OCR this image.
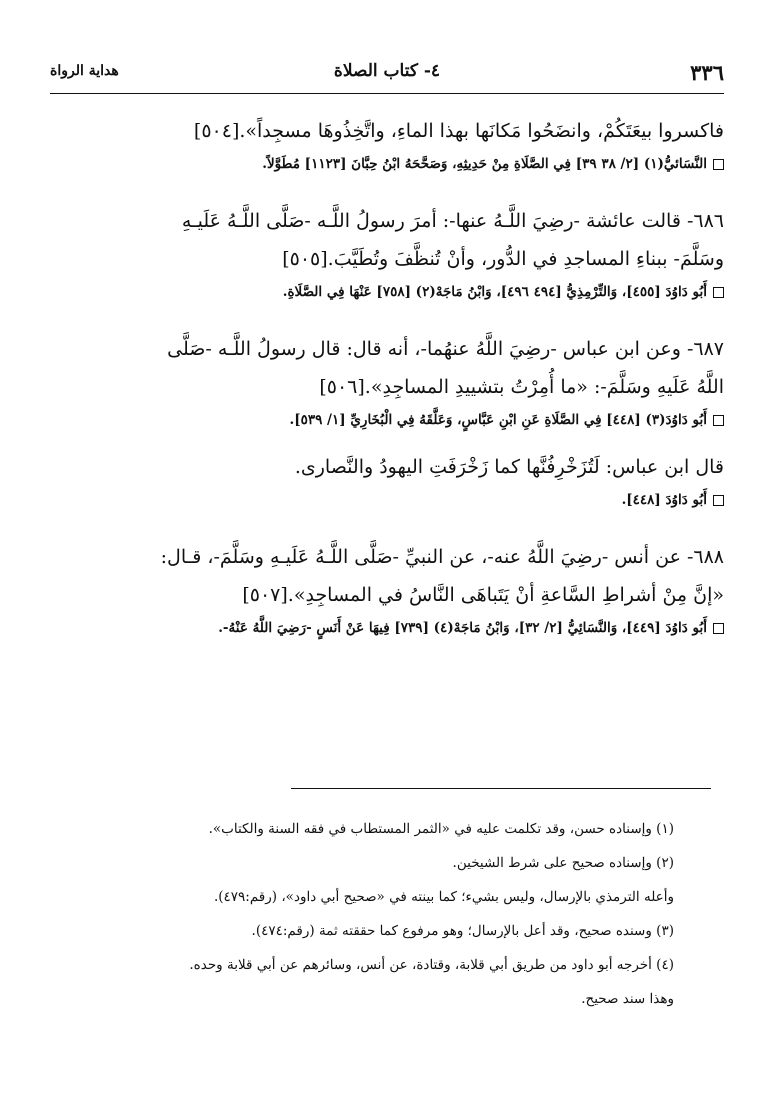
٣٣٦
٤- كتاب الصلاة
هداية الرواة
فاكسروا بيعَتَكُمْ، وانضَحُوا مَكانَها بهذا الماءِ، واتَّخِذُوهَا مسجِداً».[٥٠٤]
النَّسَائيُّ(١) [٢/ ٣٨ ٣٩] فِي الصَّلَاةِ مِنْ حَدِيثِهِ، وَصَحَّحَهُ ابْنُ حِبَّانَ [١١٢٣] مُطَوَّلاً.
٦٨٦- قالت عائشة -رضِيَ اللَّـهُ عنها-: أمرَ رسولُ اللَّـه -صَلَّى اللَّـهُ عَلَيـهِ
وسَلَّمَ- ببناءِ المساجدِ في الدُّور، وأنْ تُنظَّفَ وتُطَيَّبَ.[٥٠٥]
أَبُو دَاوُدَ [٤٥٥]، وَالتِّرْمِذِيُّ [٤٩٤ ٤٩٦]، وَابْنُ مَاجَهْ(٢) [٧٥٨] عَنْهَا فِي الصَّلَاةِ.
٦٨٧- وعن ابن عباس -رضِيَ اللَّهُ عنهُما-، أنه قال: قال رسولُ اللَّـه -صَلَّى
اللَّهُ عَلَيهِ وسَلَّمَ-: «ما أُمِرْتُ بتشييدِ المساجِدِ».[٥٠٦]
أَبُو دَاوُدَ(٣) [٤٤٨] فِي الصَّلَاةِ عَنِ ابْنِ عَبَّاسٍ، وَعَلَّقَهُ فِي الْبُخَارِيِّ [١/ ٥٣٩].
قال ابن عباس: لَتُزَخْرِفُنَّها كما زَخْرَفَتِ اليهودُ والنَّصارى.
أَبُو دَاوُدَ [٤٤٨].
٦٨٨- عن أنس -رضِيَ اللَّهُ عنه-، عن النبيِّ -صَلَّى اللَّـهُ عَلَيـهِ وسَلَّمَ-، قـال:
«إنَّ مِنْ أشراطِ السَّاعةِ أنْ يَتَباهَى النَّاسُ في المساجِدِ».[٥٠٧]
أَبُو دَاوُدَ [٤٤٩]، وَالنَّسَائِيُّ [٢/ ٣٢]، وَابْنُ مَاجَهْ(٤) [٧٣٩] فِيهَا عَنْ أَنَسٍ -رَضِيَ اللَّهُ عَنْهُ-.
(١) وإسناده حسن، وقد تكلمت عليه في «الثمر المستطاب في فقه السنة والكتاب».
(٢) وإسناده صحيح على شرط الشيخين.
وأعله الترمذي بالإرسال، وليس بشيء؛ كما بينته في «صحيح أبي داود»، (رقم:٤٧٩).
(٣) وسنده صحيح، وقد أعل بالإرسال؛ وهو مرفوع كما حققته ثمة (رقم:٤٧٤).
(٤) أخرجه أبو داود من طريق أبي قلابة، وقتادة، عن أنس، وسائرهم عن أبي قلابة وحده.
وهذا سند صحيح.
